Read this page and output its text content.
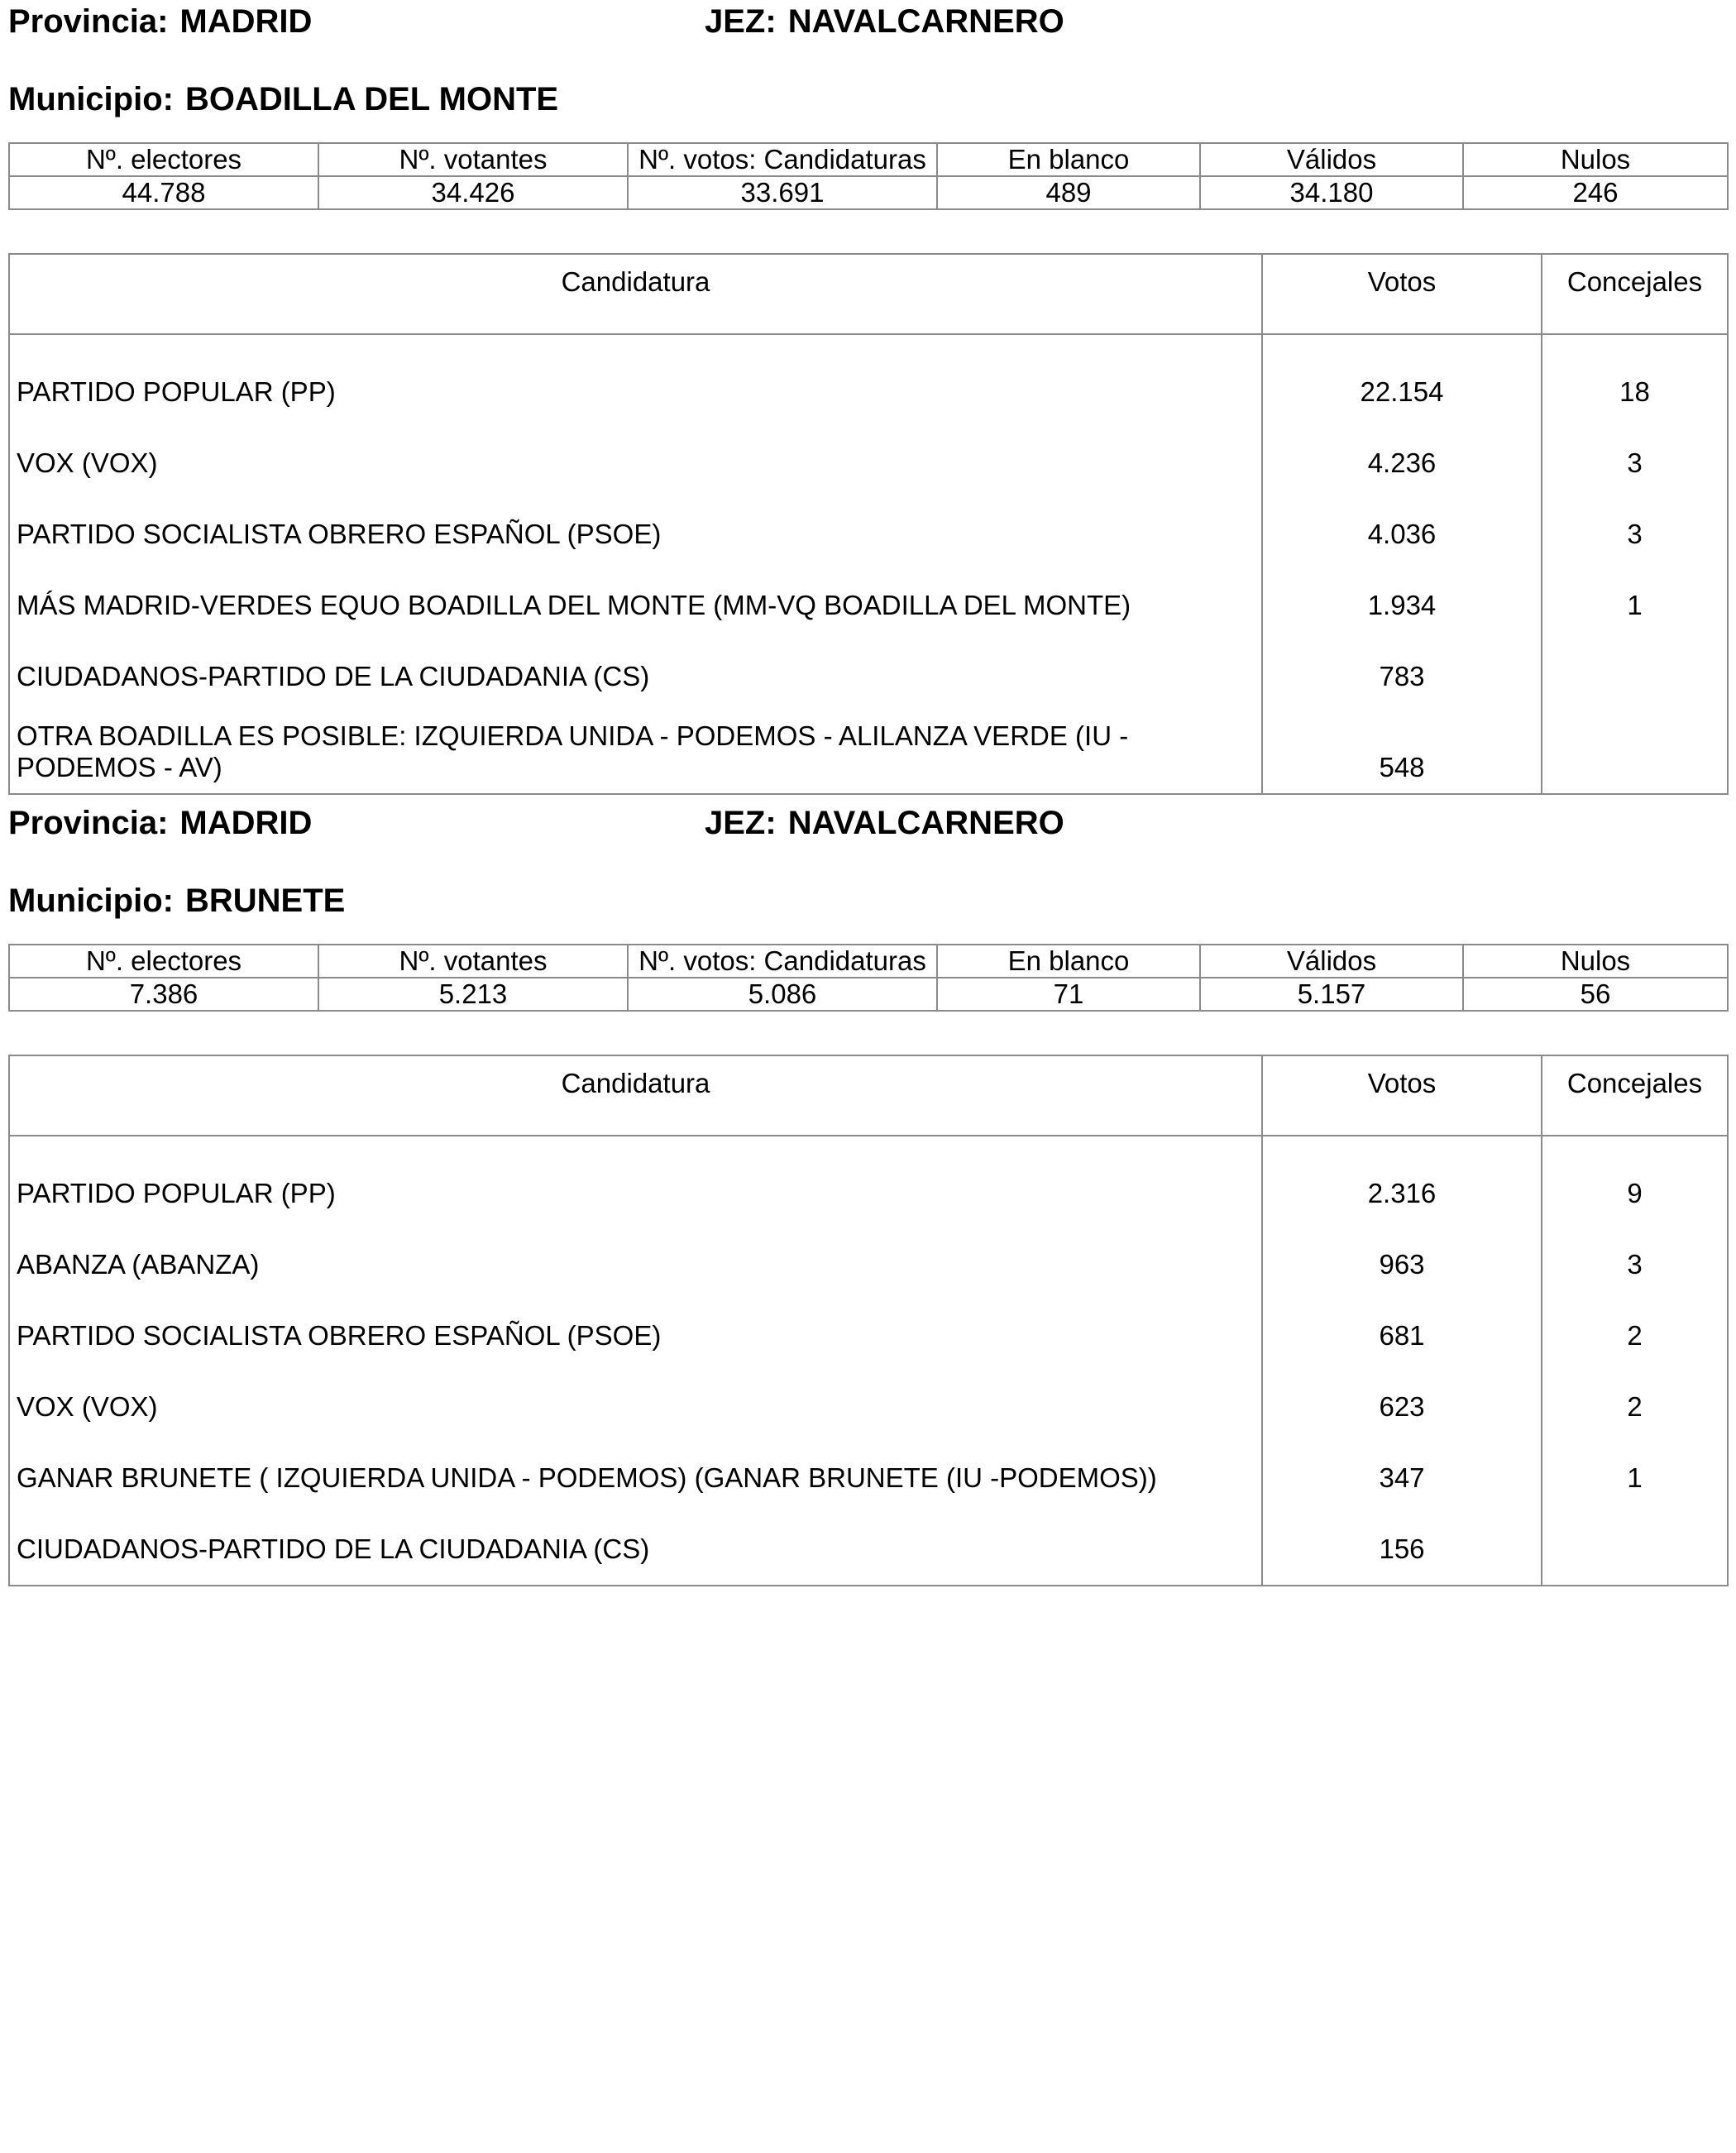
Provincia: MADRID	JEZ: NAVALCARNERO
Municipio: BOADILLA DEL MONTE
Nº. electores	Nº. votantes	Nº. votos: Candidaturas	En blanco	Válidos	Nulos
44.788	34.426	33.691	489	34.180	246
Candidatura	Votos	Concejales
PARTIDO POPULAR (PP)	22.154	18
VOX (VOX)	4.236	3
PARTIDO SOCIALISTA OBRERO ESPAÑOL (PSOE)	4.036	3
MÁS MADRID-VERDES EQUO BOADILLA DEL MONTE (MM-VQ BOADILLA DEL MONTE)	1.934	1
CIUDADANOS-PARTIDO DE LA CIUDADANIA (CS)	783	
OTRA BOADILLA ES POSIBLE: IZQUIERDA UNIDA - PODEMOS - ALILANZA VERDE (IU - PODEMOS - AV)	548	
Provincia: MADRID	JEZ: NAVALCARNERO
Municipio: BRUNETE
Nº. electores	Nº. votantes	Nº. votos: Candidaturas	En blanco	Válidos	Nulos
7.386	5.213	5.086	71	5.157	56
Candidatura	Votos	Concejales
PARTIDO POPULAR (PP)	2.316	9
ABANZA (ABANZA)	963	3
PARTIDO SOCIALISTA OBRERO ESPAÑOL (PSOE)	681	2
VOX (VOX)	623	2
GANAR BRUNETE ( IZQUIERDA UNIDA - PODEMOS) (GANAR BRUNETE (IU -PODEMOS))	347	1
CIUDADANOS-PARTIDO DE LA CIUDADANIA (CS)	156	
